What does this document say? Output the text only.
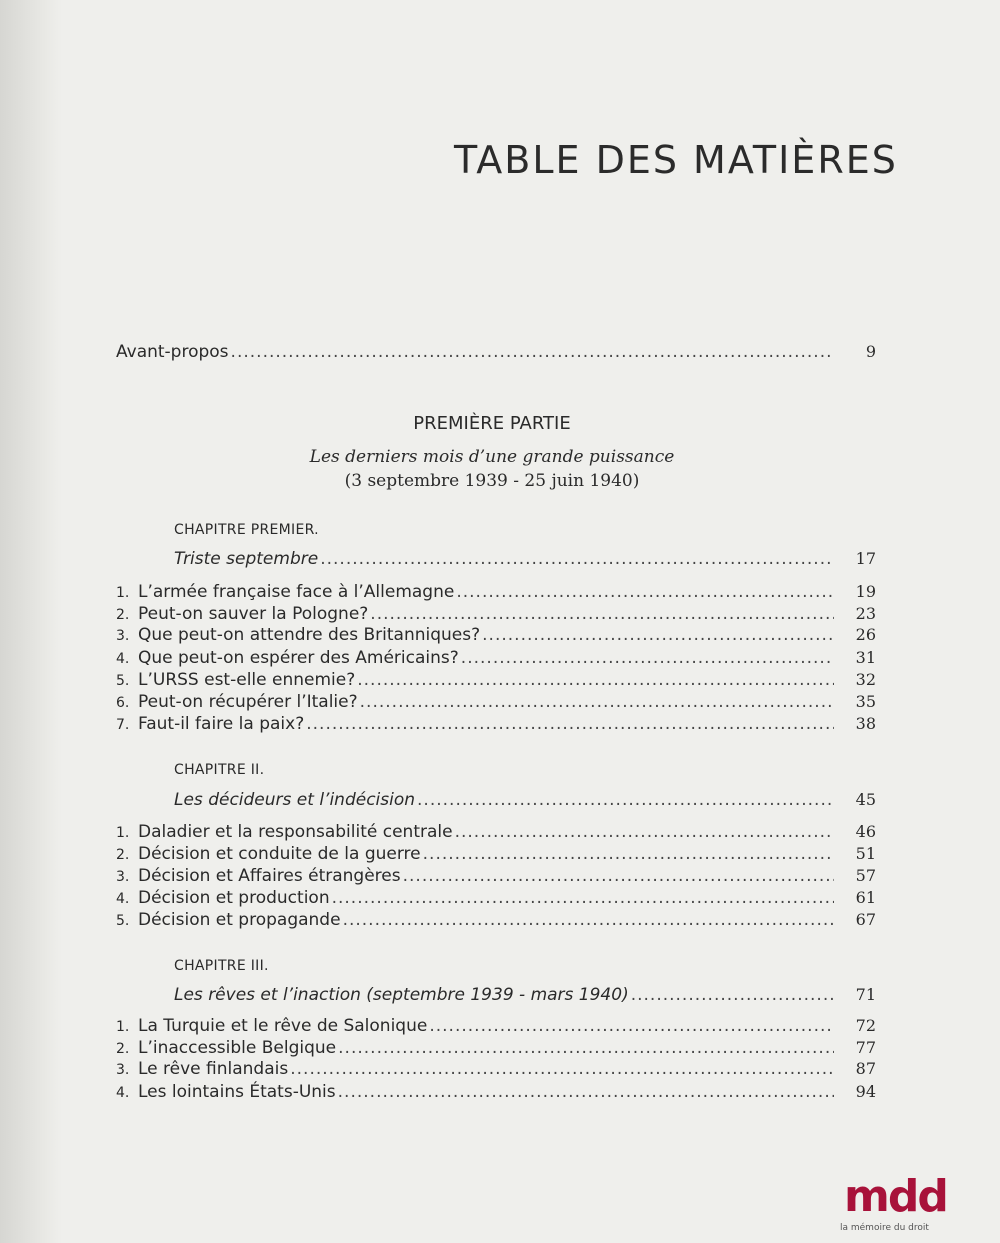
TABLE DES MATIÈRES
Avant-propos .....	9
PREMIÈRE PARTIE
Les derniers mois d’une grande puissance
(3 septembre 1939 - 25 juin 1940)
CHAPITRE PREMIER.
Triste septembre .....	17
1. L’armée française face à l’Allemagne .....	19
2. Peut-on sauver la Pologne? .....	23
3. Que peut-on attendre des Britanniques? .....	26
4. Que peut-on espérer des Américains? .....	31
5. L’URSS est-elle ennemie? .....	32
6. Peut-on récupérer l’Italie? .....	35
7. Faut-il faire la paix? .....	38
CHAPITRE II.
Les décideurs et l’indécision .....	45
1. Daladier et la responsabilité centrale .....	46
2. Décision et conduite de la guerre .....	51
3. Décision et Affaires étrangères .....	57
4. Décision et production .....	61
5. Décision et propagande .....	67
CHAPITRE III.
Les rêves et l’inaction (septembre 1939 - mars 1940) .....	71
1. La Turquie et le rêve de Salonique .....	72
2. L’inaccessible Belgique .....	77
3. Le rêve finlandais .....	87
4. Les lointains États-Unis .....	94
mdd
la mémoire du droit
